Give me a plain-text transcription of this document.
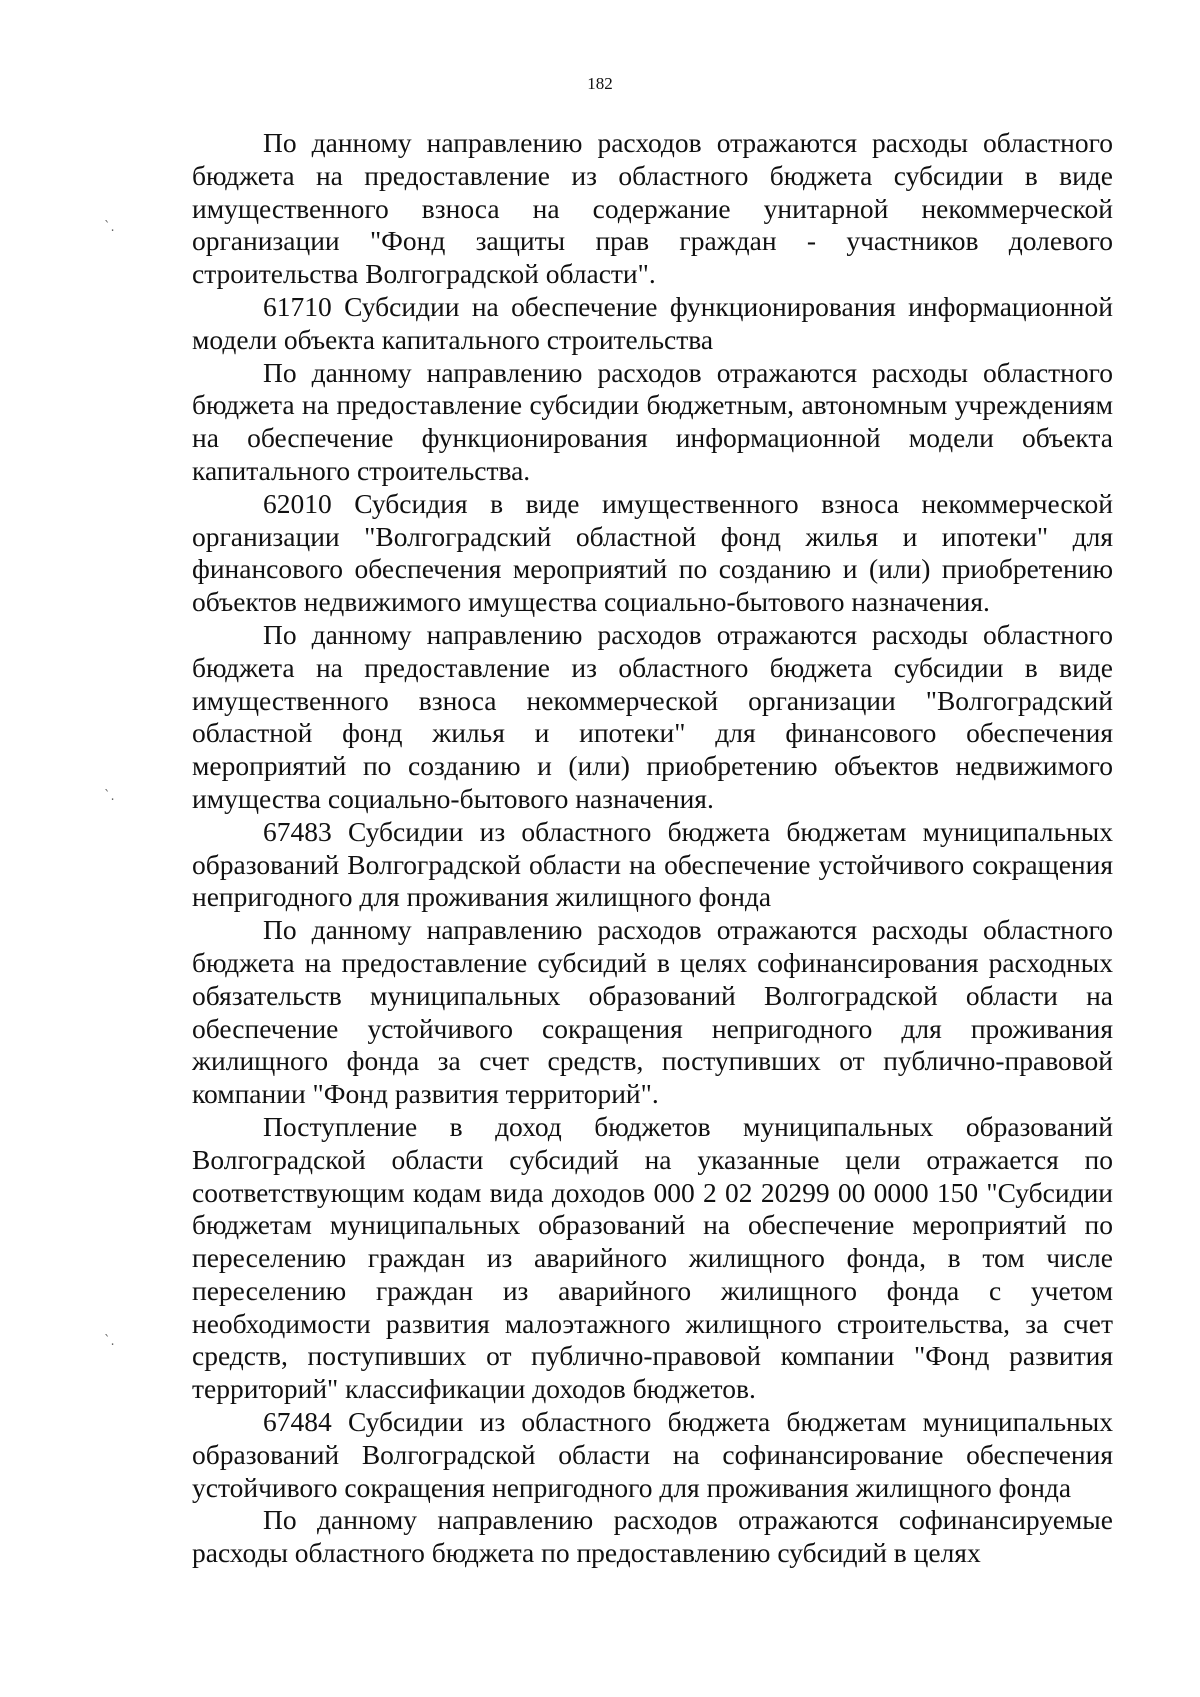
182

По данному направлению расходов отражаются расходы областного бюджета на предоставление из областного бюджета субсидии в виде имущественного взноса на содержание унитарной некоммерческой организации "Фонд защиты прав граждан - участников долевого строительства Волгоградской области".

61710 Субсидии на обеспечение функционирования информационной модели объекта капитального строительства

По данному направлению расходов отражаются расходы областного бюджета на предоставление субсидии бюджетным, автономным учреждениям на обеспечение функционирования информационной модели объекта капитального строительства.

62010 Субсидия в виде имущественного взноса некоммерческой организации "Волгоградский областной фонд жилья и ипотеки" для финансового обеспечения мероприятий по созданию и (или) приобретению объектов недвижимого имущества социально-бытового назначения.

По данному направлению расходов отражаются расходы областного бюджета на предоставление из областного бюджета субсидии в виде имущественного взноса некоммерческой организации "Волгоградский областной фонд жилья и ипотеки" для финансового обеспечения мероприятий по созданию и (или) приобретению объектов недвижимого имущества социально-бытового назначения.

67483 Субсидии из областного бюджета бюджетам муниципальных образований Волгоградской области на обеспечение устойчивого сокращения непригодного для проживания жилищного фонда

По данному направлению расходов отражаются расходы областного бюджета на предоставление субсидий в целях софинансирования расходных обязательств муниципальных образований Волгоградской области на обеспечение устойчивого сокращения непригодного для проживания жилищного фонда за счет средств, поступивших от публично-правовой компании "Фонд развития территорий".

Поступление в доход бюджетов муниципальных образований Волгоградской области субсидий на указанные цели отражается по соответствующим кодам вида доходов 000 2 02 20299 00 0000 150 "Субсидии бюджетам муниципальных образований на обеспечение мероприятий по переселению граждан из аварийного жилищного фонда, в том числе переселению граждан из аварийного жилищного фонда с учетом необходимости развития малоэтажного жилищного строительства, за счет средств, поступивших от публично-правовой компании "Фонд развития территорий" классификации доходов бюджетов.

67484 Субсидии из областного бюджета бюджетам муниципальных образований Волгоградской области на софинансирование обеспечения устойчивого сокращения непригодного для проживания жилищного фонда

По данному направлению расходов отражаются софинансируемые расходы областного бюджета по предоставлению субсидий в целях

`.
`.
`.
